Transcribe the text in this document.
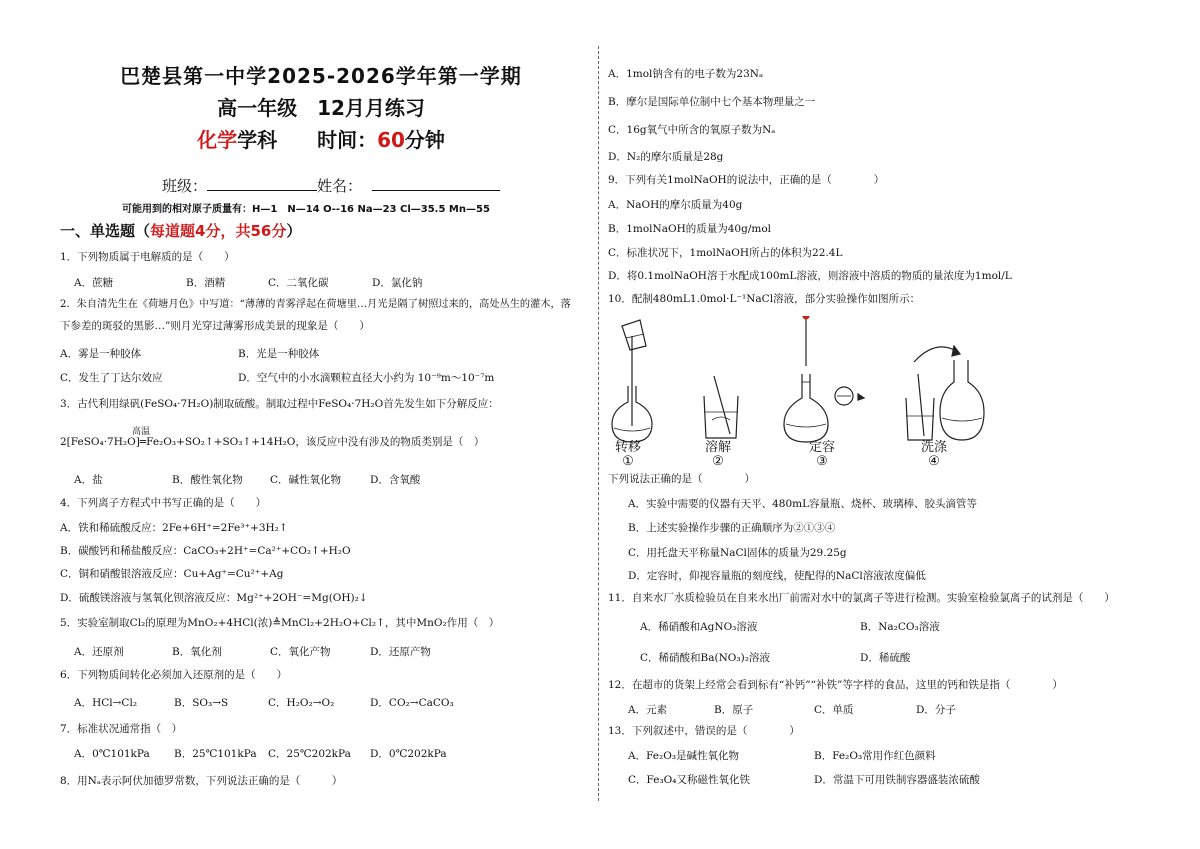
巴楚县第一中学2025-2026学年第一学期
高一年级　12月月练习
化学学科　　时间：60分钟
班级：	姓名：
可能用到的相对原子质量有：H—1　N—14 O--16 Na—23 Cl—35.5 Mn—55
一、单选题（每道题4分，共56分）
1．下列物质属于电解质的是（　　）
A．蔗糖	B．酒精	C．二氧化碳	D．氯化钠
2．朱自清先生在《荷塘月色》中写道：“薄薄的青雾浮起在荷塘里…月光是隔了树照过来的，高处丛生的灌木，落
下参差的斑驳的黑影…”则月光穿过薄雾形成美景的现象是（　　）
A．雾是一种胶体	B．光是一种胶体
C．发生了丁达尔效应	D．空气中的小水滴颗粒直径大小约为 10⁻⁹m～10⁻⁷m
3．古代利用绿矾(FeSO₄·7H₂O)制取硫酸。制取过程中FeSO₄·7H₂O首先发生如下分解反应：
高温
2[FeSO₄·7H₂O]═Fe₂O₃+SO₂↑+SO₃↑+14H₂O，该反应中没有涉及的物质类别是（　）
A．盐	B．酸性氧化物	C．碱性氧化物	D．含氧酸
4．下列离子方程式中书写正确的是（　　）
A．铁和稀硫酸反应：2Fe+6H⁺=2Fe³⁺+3H₂↑
B．碳酸钙和稀盐酸反应：CaCO₃+2H⁺=Ca²⁺+CO₂↑+H₂O
C．铜和硝酸银溶液反应：Cu+Ag⁺=Cu²⁺+Ag
D．硫酸镁溶液与氢氧化钡溶液反应：Mg²⁺+2OH⁻=Mg(OH)₂↓
5．实验室制取Cl₂的原理为MnO₂+4HCl(浓)≜MnCl₂+2H₂O+Cl₂↑，其中MnO₂作用（　）
A．还原剂	B．氧化剂	C．氧化产物	D．还原产物
6．下列物质间转化必须加入还原剂的是（　　）
A．HCl→Cl₂	B．SO₃→S	C．H₂O₂→O₂	D．CO₂→CaCO₃
7．标准状况通常指（　）
A．0℃101kPa B．25℃101kPa C．25℃202kPa D．0℃202kPa
8．用Nₐ表示阿伏加德罗常数，下列说法正确的是（　　　）
A．1mol钠含有的电子数为23Nₐ
B．摩尔是国际单位制中七个基本物理量之一
C．16g氧气中所含的氧原子数为Nₐ
D．N₂的摩尔质量是28g
9．下列有关1molNaOH的说法中，正确的是（　　　　）
A．NaOH的摩尔质量为40g
B．1molNaOH的质量为40g/mol
C．标准状况下，1molNaOH所占的体积为22.4L
D．将0.1molNaOH溶于水配成100mL溶液，则溶液中溶质的物质的量浓度为1mol/L
10．配制480mL1.0mol·L⁻¹NaCl溶液，部分实验操作如图所示：
转移	溶解	定容	洗涤
①	②	③	④
下列说法正确的是（　　　　）
A．实验中需要的仪器有天平、480mL容量瓶、烧杯、玻璃棒、胶头滴管等
B．上述实验操作步骤的正确顺序为②①③④
C．用托盘天平称量NaCl固体的质量为29.25g
D．定容时，仰视容量瓶的刻度线，使配得的NaCl溶液浓度偏低
11．自来水厂水质检验员在自来水出厂前需对水中的氯离子等进行检测。实验室检验氯离子的试剂是（　　）
A．稀硝酸和AgNO₃溶液	B．Na₂CO₃溶液
C．稀硝酸和Ba(NO₃)₂溶液	D．稀硫酸
12．在超市的货架上经常会看到标有“补钙”“补铁”等字样的食品，这里的钙和铁是指（　　　　）
A．元素	B．原子	C．单质	D．分子
13．下列叙述中，错误的是（　　　　）
A．Fe₂O₃是碱性氧化物	B．Fe₂O₃常用作红色颜料
C．Fe₃O₄又称磁性氧化铁	D．常温下可用铁制容器盛装浓硫酸
